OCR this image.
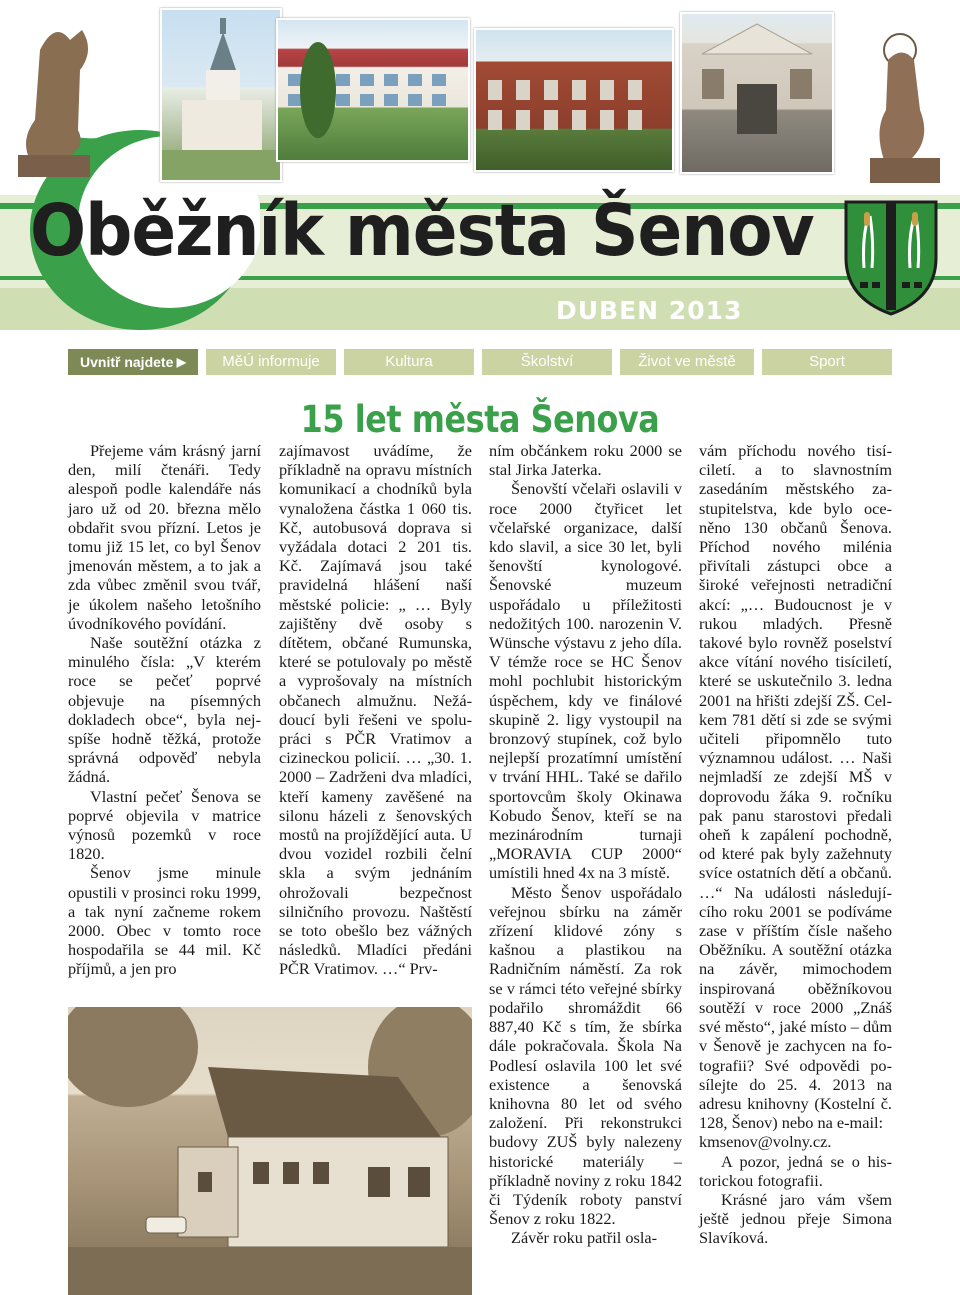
Oběžník města Šenov
DUBEN 2013
Uvnitř najdete ▶	MěÚ informuje	Kultura	Školství	Život ve městě	Sport
15 let města Šenova

Přejeme vám krásný jarní den, milí čtenáři. Tedy alespoň podle kalendáře nás jaro už od 20. března mělo obdařit svou přízní. Letos je tomu již 15 let, co byl Šenov jmenován městem, a to jak a zda vůbec změnil svou tvář, je úkolem našeho letošního úvodníkového povídání.

Naše soutěžní otázka z minulého čísla: „V kterém roce se pečeť poprvé objevuje na písemných dokladech obce“, byla nejspíše hodně těžká, protože správná odpověď nebyla žádná.

Vlastní pečeť Šenova se poprvé objevila v matrice výnosů pozemků v roce 1820.

Šenov jsme minule opustili v prosinci roku 1999, a tak nyní začneme rokem 2000. Obec v tomto roce hospodařila se 44 mil. Kč příjmů, a jen pro

zajímavost uvádíme, že příkladně na opravu místních komunikací a chodníků byla vynaložena částka 1 060 tis. Kč, autobusová doprava si vyžádala dotaci 2 201 tis. Kč. Zajímavá jsou také pravidelná hlášení naší městské policie: „ … Byly zajištěny dvě osoby s dítětem, občané Rumunska, které se potulovaly po městě a vyprošovaly na místních občanech almužnu. Nežádoucí byli řešeni ve spolupráci s PČR Vratimov a cizineckou policií. … „30. 1. 2000 – Zadrženi dva mladíci, kteří kameny zavěšené na silonu házeli z šenovských mostů na projíždějící auta. U dvou vozidel rozbili čelní skla a svým jednáním ohrožovali bezpečnost silničního provozu. Naštěstí se toto obešlo bez vážných následků. Mladíci předáni PČR Vratimov. …“ Prv-

ním občánkem roku 2000 se stal Jirka Jaterka.

Šenovští včelaři oslavili v roce 2000 čtyřicet let včelařské organizace, další kdo slavil, a sice 30 let, byli šenovští kynologové. Šenovské muzeum uspořádalo u příležitosti nedožitých 100. narozenin V. Wünsche výstavu z jeho díla. V témže roce se HC Šenov mohl pochlubit historickým úspěchem, kdy ve finálové skupině 2. ligy vystoupil na bronzový stupínek, což bylo nejlepší prozatímní umístění v trvání HHL. Také se dařilo sportovcům školy Okinawa Kobudo Šenov, kteří se na mezinárodním turnaji „MORAVIA CUP 2000“ umístili hned 4x na 3 místě.

Město Šenov uspořádalo veřejnou sbírku na záměr zřízení klidové zóny s kašnou a plastikou na Radničním náměstí. Za rok se v rámci této veřejné sbírky podařilo shromáždit 66 887,40 Kč s tím, že sbírka dále pokračovala. Škola Na Podlesí oslavila 100 let své existence a šenovská knihovna 80 let od svého založení. Při rekonstrukci budovy ZUŠ byly nalezeny historické materiály – příkladně noviny z roku 1842 či Týdeník roboty panství Šenov z roku 1822.

Závěr roku patřil osla-

vám příchodu nového tisíciletí. a to slavnostním zasedáním městského zastupitelstva, kde bylo oceněno 130 občanů Šenova. Příchod nového milénia přivítali zástupci obce a široké veřejnosti netradiční akcí: „… Budoucnost je v rukou mladých. Přesně takové bylo rovněž poselství akce vítání nového tisíciletí, které se uskutečnilo 3. ledna 2001 na hřišti zdejší ZŠ. Celkem 781 dětí si zde se svými učiteli připomnělo tuto významnou událost. … Naši nejmladší ze zdejší MŠ v doprovodu žáka 9. ročníku pak panu starostovi předali oheň k zapálení pochodně, od které pak byly zažehnuty svíce ostatních dětí a občanů. …“ Na události následujícího roku 2001 se podíváme zase v příštím čísle našeho Oběžníku. A soutěžní otázka na závěr, mimochodem inspirovaná oběžníkovou soutěží v roce 2000 „Znáš své město“, jaké místo – dům v Šenově je zachycen na fotografii? Své odpovědi posílejte do 25. 4. 2013 na adresu knihovny (Kostelní č. 128, Šenov) nebo na e-mail:

kmsenov@volny.cz.

A pozor, jedná se o historickou fotografii.

Krásné jaro vám všem ještě jednou přeje Simona Slavíková.
